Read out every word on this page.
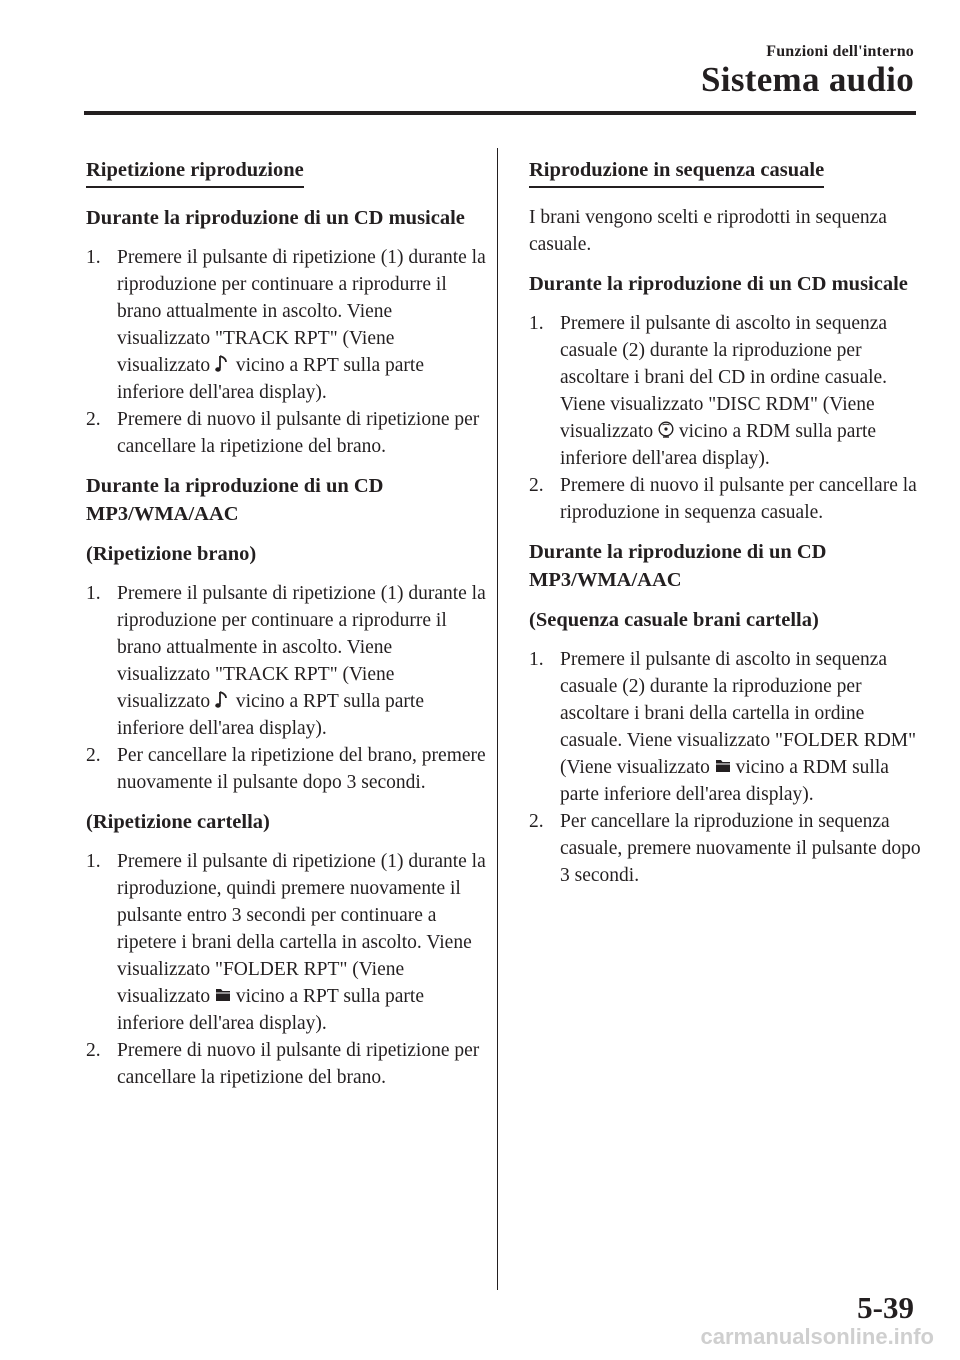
Funzioni dell'interno
Sistema audio
Ripetizione riproduzione
Durante la riproduzione di un CD musicale
1. Premere il pulsante di ripetizione (1) durante la riproduzione per continuare a riprodurre il brano attualmente in ascolto. Viene visualizzato "TRACK RPT" (Viene visualizzato
vicino a RPT sulla parte inferiore dell'area display).
2. Premere di nuovo il pulsante di ripetizione per cancellare la ripetizione del brano.
Durante la riproduzione di un CD MP3/WMA/AAC
(Ripetizione brano)
1. Premere il pulsante di ripetizione (1) durante la riproduzione per continuare a riprodurre il brano attualmente in ascolto. Viene visualizzato "TRACK RPT" (Viene visualizzato
vicino a RPT sulla parte inferiore dell'area display).
2. Per cancellare la ripetizione del brano, premere nuovamente il pulsante dopo 3 secondi.
(Ripetizione cartella)
1. Premere il pulsante di ripetizione (1) durante la riproduzione, quindi premere nuovamente il pulsante entro 3 secondi per continuare a ripetere i brani della cartella in ascolto. Viene visualizzato "FOLDER RPT" (Viene visualizzato
vicino a RPT sulla parte inferiore dell'area display).
2. Premere di nuovo il pulsante di ripetizione per cancellare la ripetizione del brano.
Riproduzione in sequenza casuale
I brani vengono scelti e riprodotti in sequenza casuale.
Durante la riproduzione di un CD musicale
1. Premere il pulsante di ascolto in sequenza casuale (2) durante la riproduzione per ascoltare i brani del CD in ordine casuale. Viene visualizzato "DISC RDM" (Viene visualizzato
vicino a RDM sulla parte inferiore dell'area display).
2. Premere di nuovo il pulsante per cancellare la riproduzione in sequenza casuale.
Durante la riproduzione di un CD MP3/WMA/AAC
(Sequenza casuale brani cartella)
1. Premere il pulsante di ascolto in sequenza casuale (2) durante la riproduzione per ascoltare i brani della cartella in ordine casuale. Viene visualizzato "FOLDER RDM" (Viene visualizzato
vicino a RDM sulla parte inferiore dell'area display).
2. Per cancellare la riproduzione in sequenza casuale, premere nuovamente il pulsante dopo 3 secondi.
5-39
carmanualsonline.info
